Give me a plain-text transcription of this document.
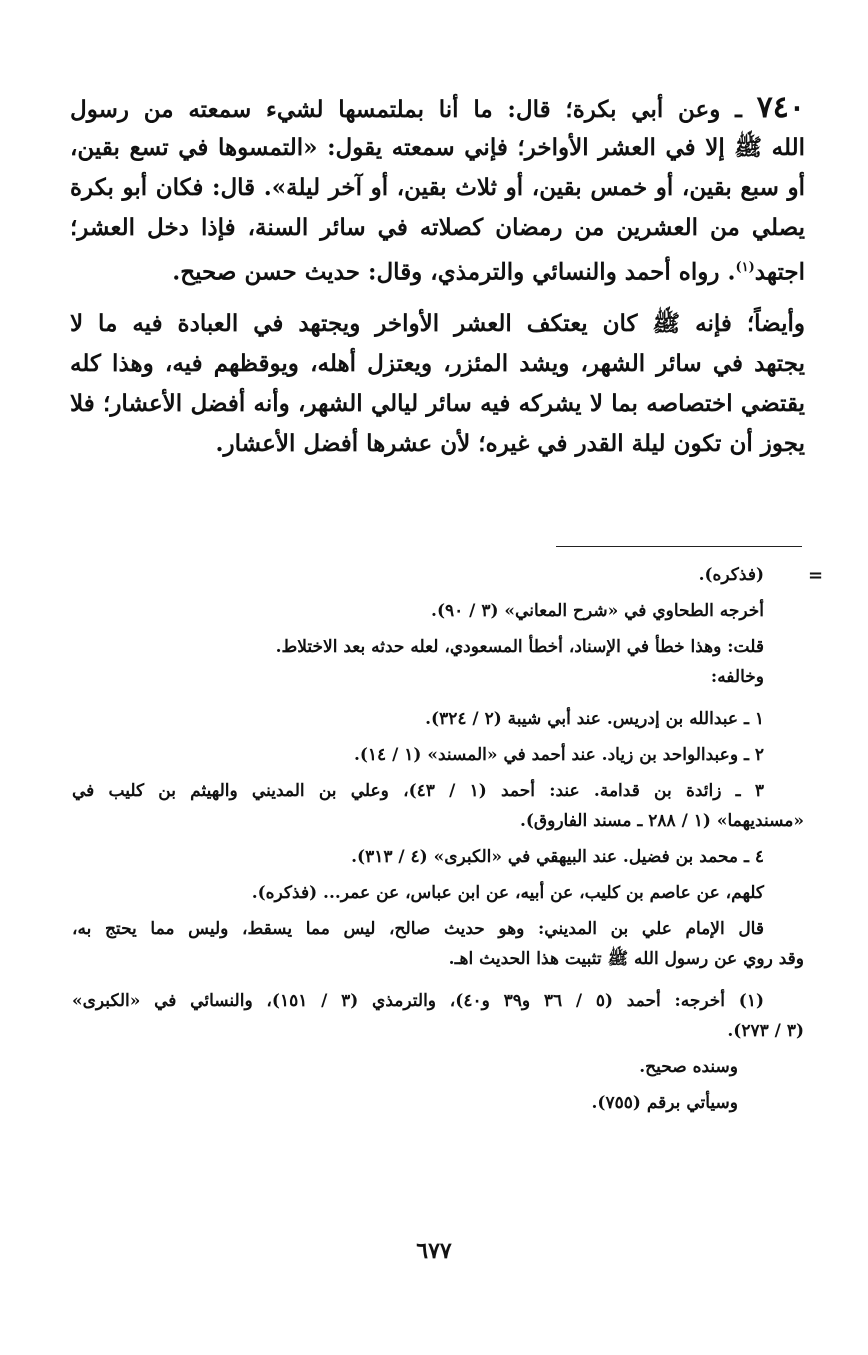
٧٤٠ ـ وعن أبي بكرة؛ قال: ما أنا بملتمسها لشيء سمعته من رسول
الله ﷺ إلا في العشر الأواخر؛ فإني سمعته يقول: «التمسوها في تسع بقين،
أو سبع بقين، أو خمس بقين، أو ثلاث بقين، أو آخر ليلة». قال: فكان أبو بكرة
يصلي من العشرين من رمضان كصلاته في سائر السنة، فإذا دخل العشر؛
اجتهد$^{(١)}$. رواه أحمد والنسائي والترمذي، وقال: حديث حسن صحيح.
وأيضاً؛ فإنه ﷺ كان يعتكف العشر الأواخر ويجتهد في العبادة فيه ما لا
يجتهد في سائر الشهر، ويشد المئزر، ويعتزل أهله، ويوقظهم فيه، وهذا كله
يقتضي اختصاصه بما لا يشركه فيه سائر ليالي الشهر، وأنه أفضل الأعشار؛ فلا
يجوز أن تكون ليلة القدر في غيره؛ لأن عشرها أفضل الأعشار.
=
(فذكره).
أخرجه الطحاوي في «شرح المعاني» (٣ / ٩٠).
قلت: وهذا خطأ في الإسناد، أخطأ المسعودي، لعله حدثه بعد الاختلاط.
وخالفه:
١ ـ عبدالله بن إدريس. عند أبي شيبة (٢ / ٣٢٤).
٢ ـ وعبدالواحد بن زياد. عند أحمد في «المسند» (١ / ١٤).
٣ ـ زائدة بن قدامة. عند: أحمد (١ / ٤٣)، وعلي بن المديني والهيثم بن كليب في
«مسنديهما» (١ / ٢٨٨ ـ مسند الفاروق).
٤ ـ محمد بن فضيل. عند البيهقي في «الكبرى» (٤ / ٣١٣).
كلهم، عن عاصم بن كليب، عن أبيه، عن ابن عباس، عن عمر... (فذكره).
قال الإمام علي بن المديني: وهو حديث صالح، ليس مما يسقط، وليس مما يحتج به،
وقد روي عن رسول الله ﷺ تثبيت هذا الحديث اهـ.
(١) أخرجه: أحمد (٥ / ٣٦ و٣٩ و٤٠)، والترمذي (٣ / ١٥١)، والنسائي في «الكبرى»
(٣ / ٢٧٣).
وسنده صحيح.
وسيأتي برقم (٧٥٥).
٦٧٧
